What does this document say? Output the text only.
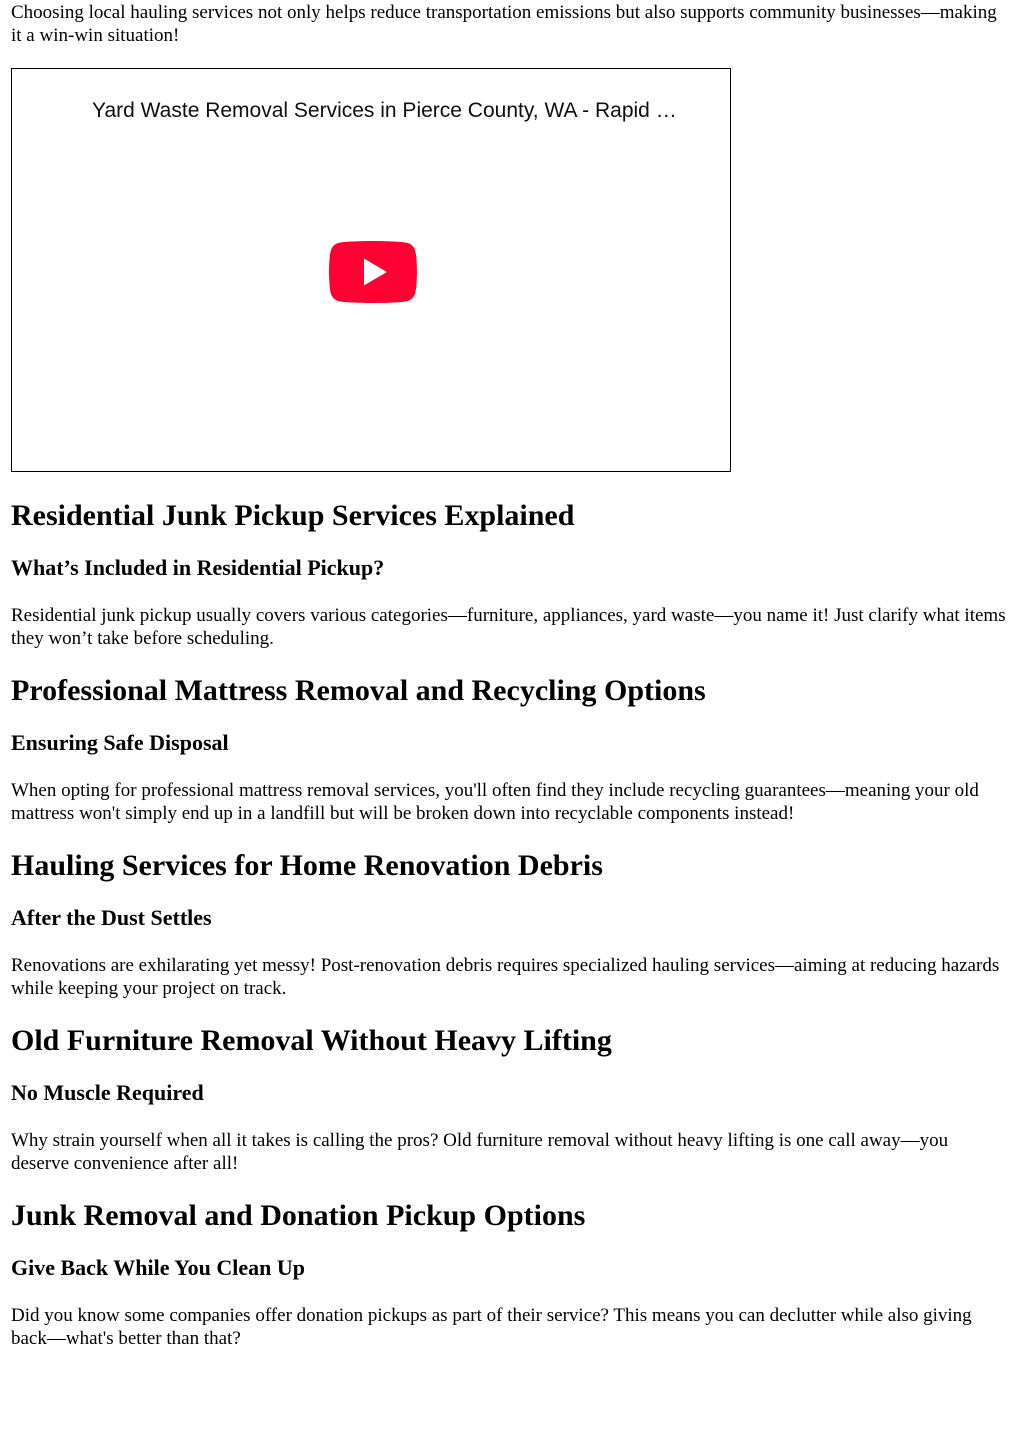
Choosing local hauling services not only helps reduce transportation emissions but also supports community businesses—making it a win-win situation!

Yard Waste Removal Services in Pierce County, WA - Rapid …
Residential Junk Pickup Services Explained
What’s Included in Residential Pickup?

Residential junk pickup usually covers various categories—furniture, appliances, yard waste—you name it! Just clarify what items they won’t take before scheduling.

Professional Mattress Removal and Recycling Options
Ensuring Safe Disposal

When opting for professional mattress removal services, you'll often find they include recycling guarantees—meaning your old mattress won't simply end up in a landfill but will be broken down into recyclable components instead!

Hauling Services for Home Renovation Debris
After the Dust Settles

Renovations are exhilarating yet messy! Post-renovation debris requires specialized hauling services—aiming at reducing hazards while keeping your project on track.

Old Furniture Removal Without Heavy Lifting
No Muscle Required

Why strain yourself when all it takes is calling the pros? Old furniture removal without heavy lifting is one call away—you deserve convenience after all!

Junk Removal and Donation Pickup Options
Give Back While You Clean Up

Did you know some companies offer donation pickups as part of their service? This means you can declutter while also giving back—what's better than that?
